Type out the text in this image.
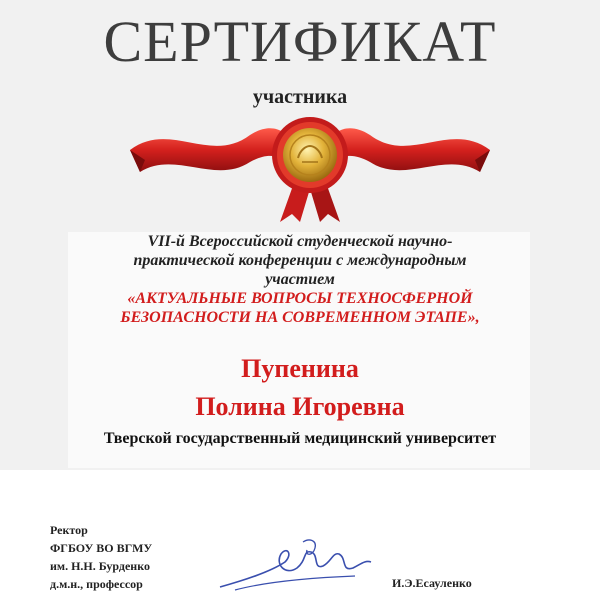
СЕРТИФИКАТ
участника
VII-й Всероссийской студенческой научно-
практической конференции с международным
участием
«АКТУАЛЬНЫЕ ВОПРОСЫ ТЕХНОСФЕРНОЙ
БЕЗОПАСНОСТИ НА СОВРЕМЕННОМ ЭТАПЕ»,
Пупенина
Полина Игоревна
Тверской государственный медицинский университет
Ректор
ФГБОУ ВО ВГМУ
им. Н.Н. Бурденко
д.м.н., профессор	И.Э.Есауленко
